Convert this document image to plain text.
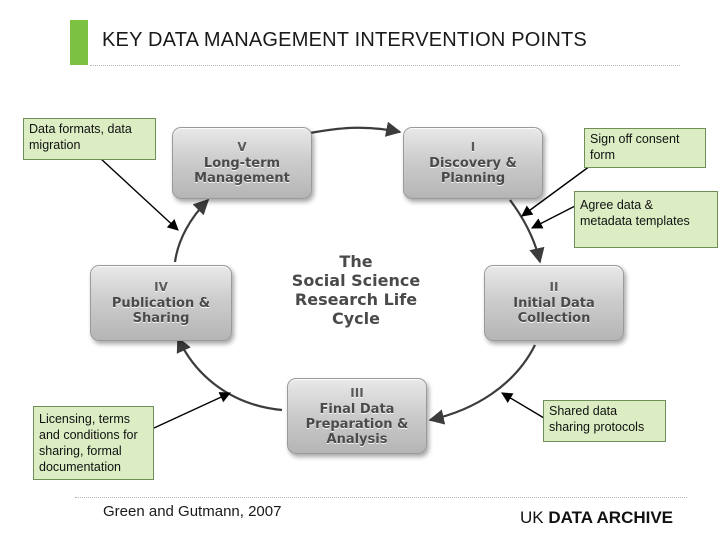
KEY DATA MANAGEMENT INTERVENTION POINTS
I
Discovery &
Planning
II
Initial Data
Collection
III
Final Data
Preparation &
Analysis
IV
Publication &
Sharing
V
Long-term
Management
The
Social Science
Research Life
Cycle
Data formats, data
migration	Sign off consent
form
Agree data &
metadata templates
Shared data
sharing protocols
Licensing, terms
and conditions for
sharing, formal
documentation
Green and Gutmann, 2007	UK DATA ARCHIVE
